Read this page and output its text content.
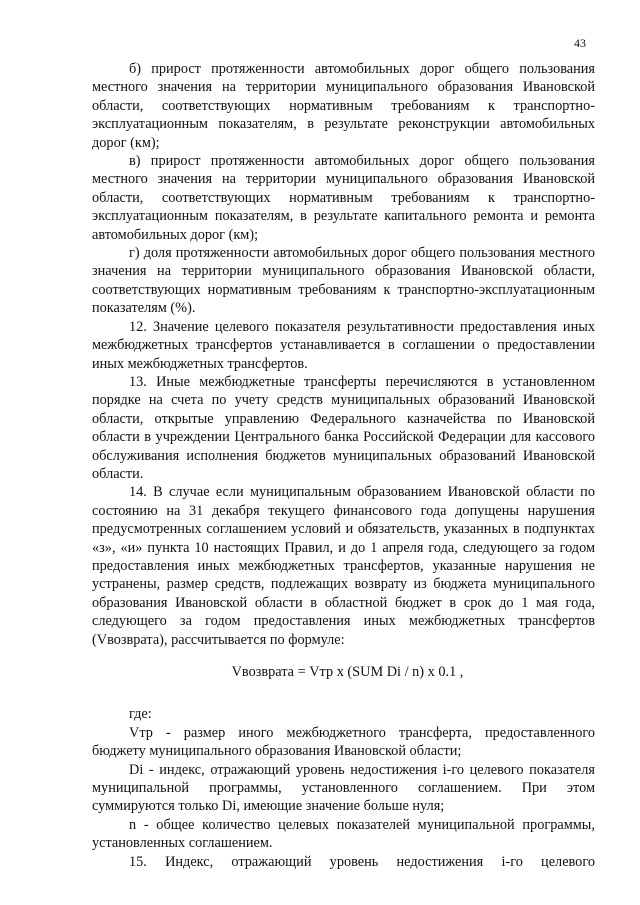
43

б) прирост протяженности автомобильных дорог общего пользования местного значения на территории муниципального образования Ивановской области, соответствующих нормативным требованиям к транспортно-эксплуатационным показателям, в результате реконструкции автомобильных дорог (км);

в) прирост протяженности автомобильных дорог общего пользования местного значения на территории муниципального образования Ивановской области, соответствующих нормативным требованиям к транспортно-эксплуатационным показателям, в результате капитального ремонта и ремонта автомобильных дорог (км);

г) доля протяженности автомобильных дорог общего пользования местного значения на территории муниципального образования Ивановской области, соответствующих нормативным требованиям к транспортно-эксплуатационным показателям (%).

12. Значение целевого показателя результативности предоставления иных межбюджетных трансфертов устанавливается в соглашении о предоставлении иных межбюджетных трансфертов.

13. Иные межбюджетные трансферты перечисляются в установленном порядке на счета по учету средств муниципальных образований Ивановской области, открытые управлению Федерального казначейства по Ивановской области в учреждении Центрального банка Российской Федерации для кассового обслуживания исполнения бюджетов муниципальных образований Ивановской области.

14. В случае если муниципальным образованием Ивановской области по состоянию на 31 декабря текущего финансового года допущены нарушения предусмотренных соглашением условий и обязательств, указанных в подпунктах «з», «и» пункта 10 настоящих Правил, и до 1 апреля года, следующего за годом предоставления иных межбюджетных трансфертов, указанные нарушения не устранены, размер средств, подлежащих возврату из бюджета муниципального образования Ивановской области в областной бюджет в срок до 1 мая года, следующего за годом предоставления иных межбюджетных трансфертов (Vвозврата), рассчитывается по формуле:

Vвозврата = Vтр x (SUM Di / n) x 0.1 ,

где:

Vтр - размер иного межбюджетного трансферта, предоставленного бюджету муниципального образования Ивановской области;

Di - индекс, отражающий уровень недостижения i-го целевого показателя муниципальной программы, установленного соглашением. При этом суммируются только Di, имеющие значение больше нуля;

n - общее количество целевых показателей муниципальной программы, установленных соглашением.

15. Индекс, отражающий уровень недостижения i-го целевого
